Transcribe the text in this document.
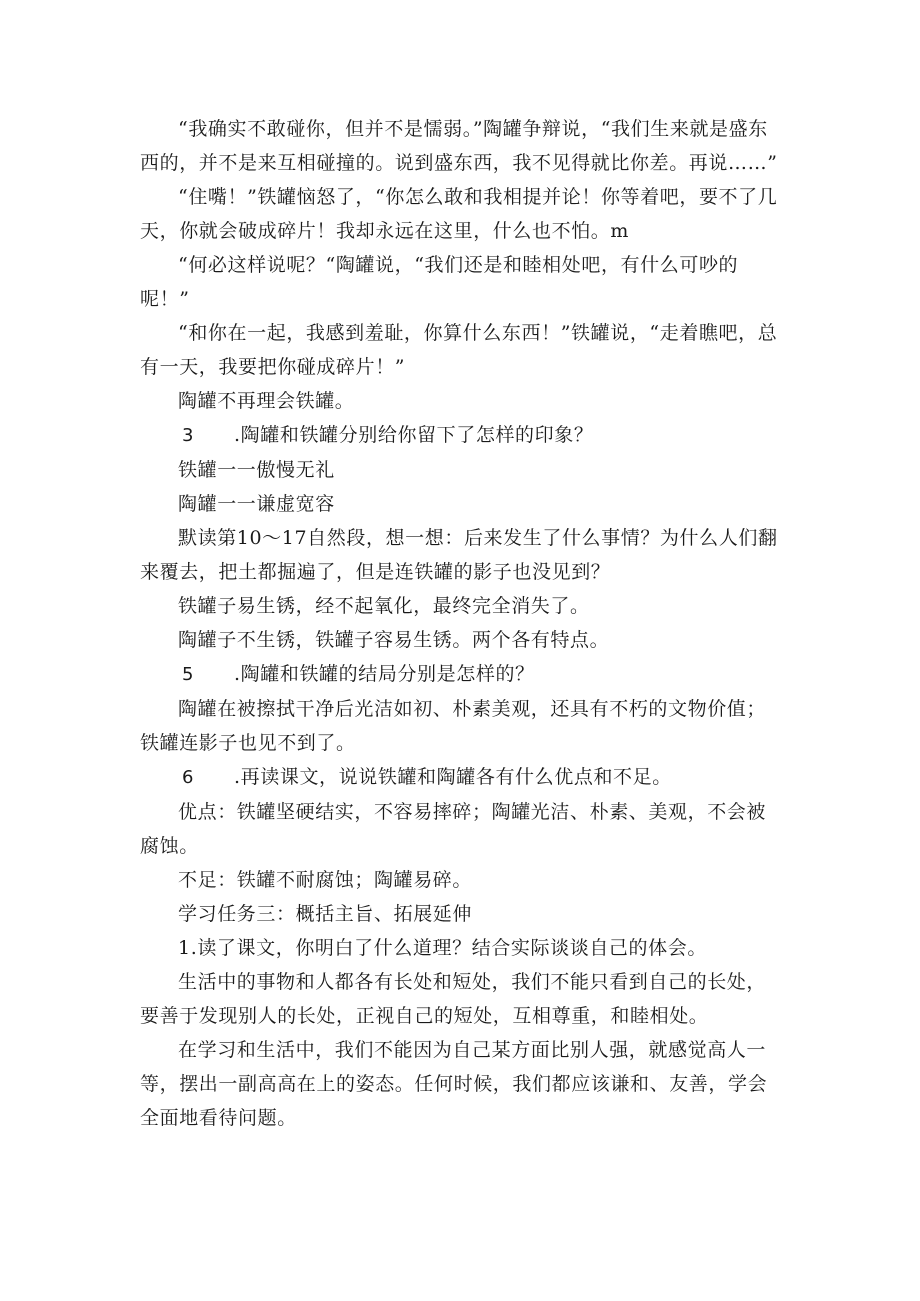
“我确实不敢碰你，但并不是懦弱。”陶罐争辩说，“我们生来就是盛东西的，并不是来互相碰撞的。说到盛东西，我不见得就比你差。再说……”

“住嘴！”铁罐恼怒了，“你怎么敢和我相提并论！你等着吧，要不了几天，你就会破成碎片！我却永远在这里，什么也不怕。m

“何必这样说呢？“陶罐说，“我们还是和睦相处吧，有什么可吵的呢！”

“和你在一起，我感到羞耻，你算什么东西！”铁罐说，“走着瞧吧，总有一天，我要把你碰成碎片！”

陶罐不再理会铁罐。

3 .陶罐和铁罐分别给你留下了怎样的印象？

铁罐一一傲慢无礼

陶罐一一谦虚宽容

默读第10〜17自然段，想一想：后来发生了什么事情？为什么人们翻来覆去，把土都掘遍了，但是连铁罐的影子也没见到？

铁罐子易生锈，经不起氧化，最终完全消失了。

陶罐子不生锈，铁罐子容易生锈。两个各有特点。

5 .陶罐和铁罐的结局分别是怎样的？

陶罐在被擦拭干净后光洁如初、朴素美观，还具有不朽的文物价值；铁罐连影子也见不到了。

6 .再读课文，说说铁罐和陶罐各有什么优点和不足。

优点：铁罐坚硬结实，不容易摔碎；陶罐光洁、朴素、美观，不会被腐蚀。

不足：铁罐不耐腐蚀；陶罐易碎。

学习任务三：概括主旨、拓展延伸

1.读了课文，你明白了什么道理？结合实际谈谈自己的体会。

生活中的事物和人都各有长处和短处，我们不能只看到自己的长处，要善于发现别人的长处，正视自己的短处，互相尊重，和睦相处。

在学习和生活中，我们不能因为自己某方面比别人强，就感觉高人一等，摆出一副高高在上的姿态。任何时候，我们都应该谦和、友善，学会全面地看待问题。
